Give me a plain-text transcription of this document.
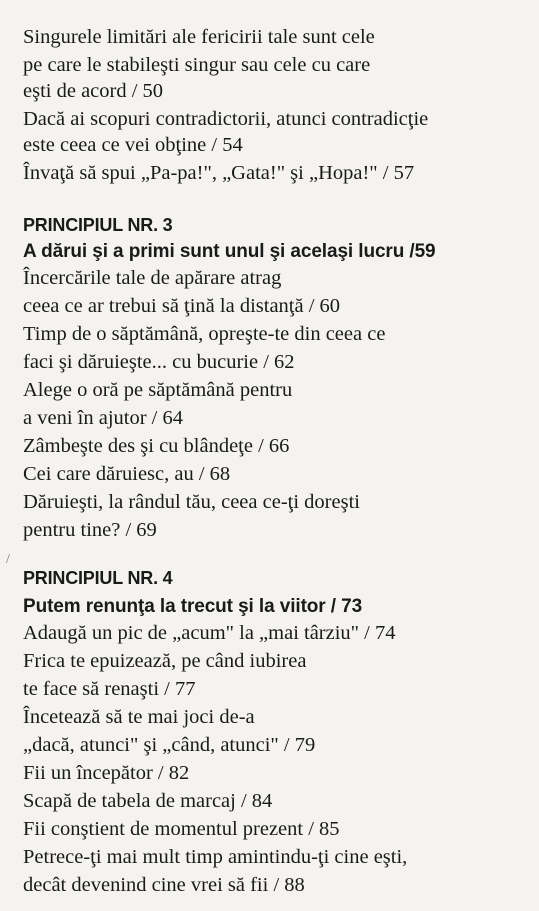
Singurele limitări ale fericirii tale sunt cele
pe care le stabileşti singur sau cele cu care
eşti de acord / 50
Dacă ai scopuri contradictorii, atunci contradicţie
este ceea ce vei obţine / 54
Învaţă să spui „Pa-pa!", „Gata!" şi „Hopa!" / 57
PRINCIPIUL NR. 3
A dărui şi a primi sunt unul şi acelaşi lucru /59
Încercările tale de apărare atrag
ceea ce ar trebui să ţină la distanţă / 60
Timp de o săptămână, opreşte-te din ceea ce
faci şi dăruieşte... cu bucurie / 62
Alege o oră pe săptămână pentru
a veni în ajutor / 64
Zâmbeşte des şi cu blândeţe / 66
Cei care dăruiesc, au / 68
Dăruieşti, la rândul tău, ceea ce-ţi doreşti
pentru tine? / 69
PRINCIPIUL NR. 4
Putem renunţa la trecut şi la viitor / 73
Adaugă un pic de „acum" la „mai târziu" / 74
Frica te epuizează, pe când iubirea
te face să renaşti / 77
Încetează să te mai joci de-a
„dacă, atunci" şi „când, atunci" / 79
Fii un începător / 82
Scapă de tabela de marcaj / 84
Fii conştient de momentul prezent / 85
Petrece-ţi mai mult timp amintindu-ţi cine eşti,
decât devenind cine vrei să fii / 88
/
